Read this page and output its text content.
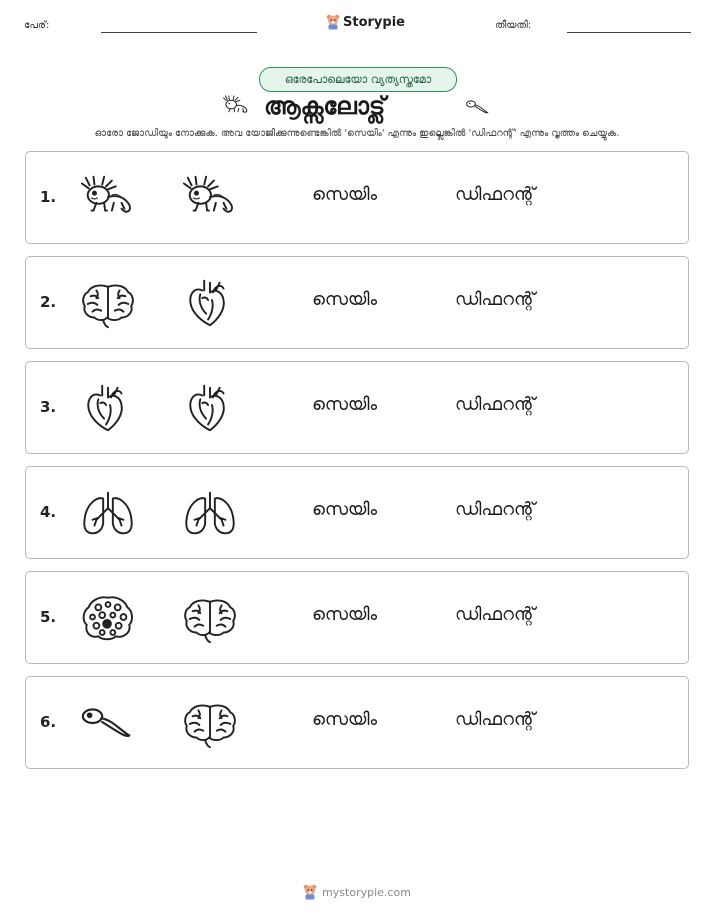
പേര്:	Storypie	തീയതി:
ഒരേപോലെയോ വ്യത്യസ്തമോ
ആക്സലോട്ല്
ഓരോ ജോഡിയും നോക്കുക. അവ യോജിക്കുന്നുണ്ടെങ്കിൽ 'സെയിം' എന്നും ഇല്ലെങ്കിൽ 'ഡിഫറന്റ്' എന്നും വൃത്തം ചെയ്യുക.
1.	സെയിം	ഡിഫറന്റ്
2.	സെയിം	ഡിഫറന്റ്
3.	സെയിം	ഡിഫറന്റ്
4.	സെയിം	ഡിഫറന്റ്
5.	സെയിം	ഡിഫറന്റ്
6.	സെയിം	ഡിഫറന്റ്
mystorypie.com
